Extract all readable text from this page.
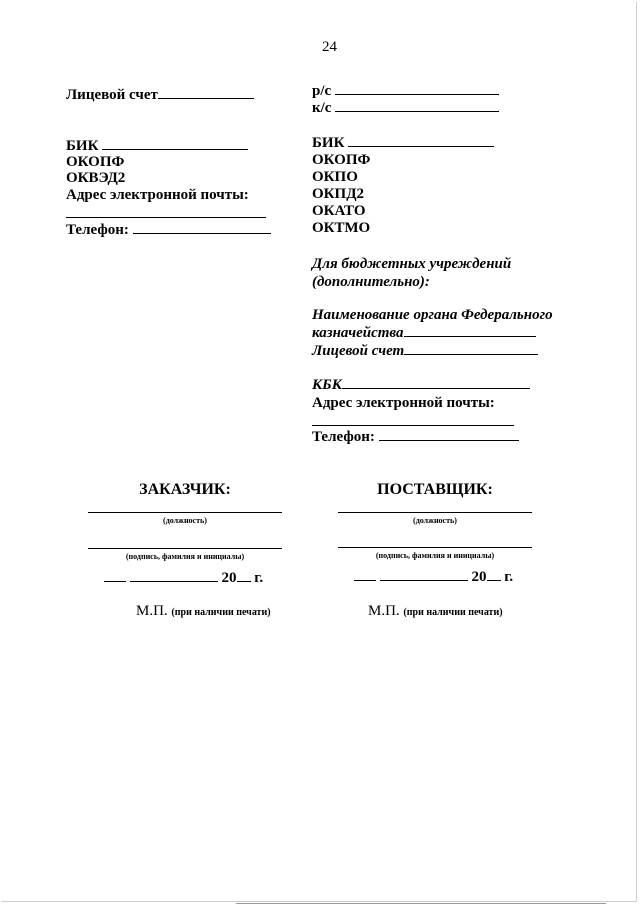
24
Лицевой счет
БИК
ОКОПФ
ОКВЭД2
Адрес электронной почты:
Телефон:
р/с
к/с
БИК
ОКОПФ
ОКПО
ОКПД2
ОКАТО
ОКТМО
Для бюджетных учреждений
(дополнительно):
Наименование органа Федерального
казначейства
Лицевой счет
КБК
Адрес электронной почты:
Телефон:
ЗАКАЗЧИК:
(должность)
(подпись, фамилия и инициалы)
20 г.
М.П. (при наличии печати)
ПОСТАВЩИК:
(должность)
(подпись, фамилия и инициалы)
20 г.
М.П. (при наличии печати)
